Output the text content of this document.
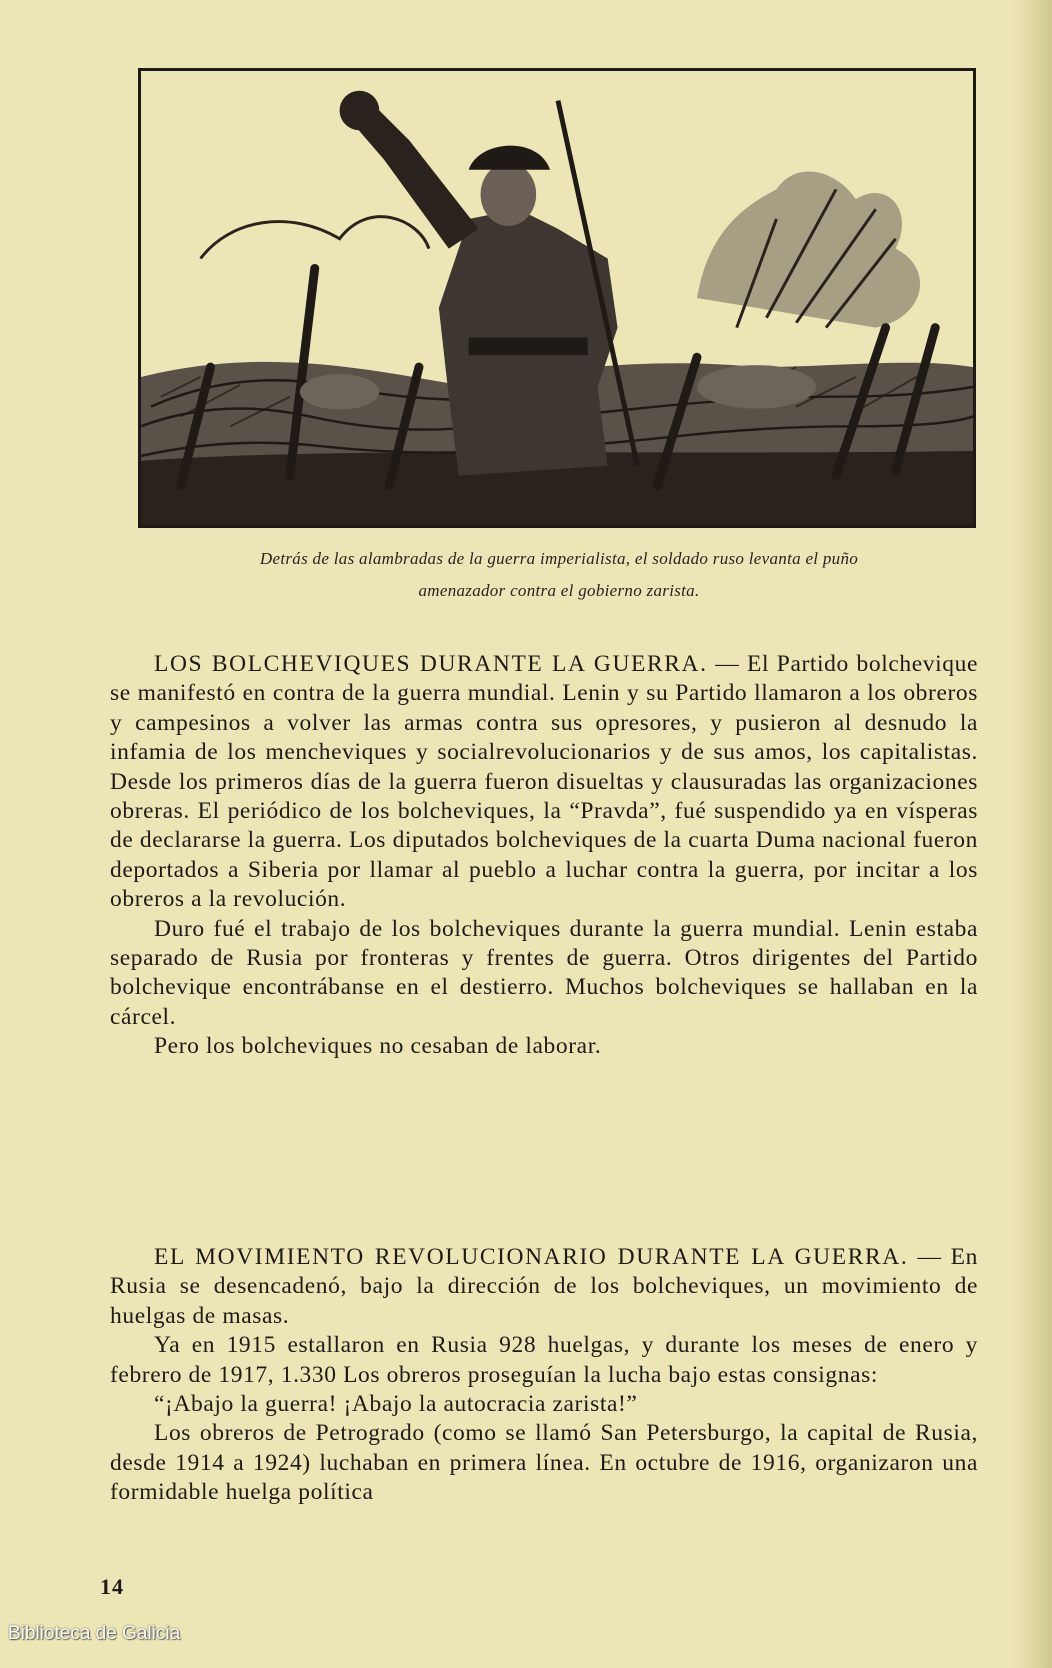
Detrás de las alambradas de la guerra imperialista, el soldado ruso levanta el puño
amenazador contra el gobierno zarista.

LOS BOLCHEVIQUES DURANTE LA GUERRA. — El Partido bolchevique se manifestó en contra de la guerra mundial. Lenin y su Partido llamaron a los obreros y campesinos a volver las armas contra sus opresores, y pusieron al desnudo la infamia de los mencheviques y socialrevolucionarios y de sus amos, los capitalistas. Desde los primeros días de la guerra fueron disueltas y clausuradas las organizaciones obreras. El periódico de los bolcheviques, la “Pravda”, fué suspendido ya en vísperas de declararse la guerra. Los diputados bolcheviques de la cuarta Duma nacional fueron deportados a Siberia por llamar al pueblo a luchar contra la guerra, por incitar a los obreros a la revolución.

Duro fué el trabajo de los bolcheviques durante la guerra mundial. Lenin estaba separado de Rusia por fronteras y frentes de guerra. Otros dirigentes del Partido bolchevique encontrábanse en el destierro. Muchos bolcheviques se hallaban en la cárcel.

Pero los bolcheviques no cesaban de laborar.

EL MOVIMIENTO REVOLUCIONARIO DURANTE LA GUERRA. — En Rusia se desencadenó, bajo la dirección de los bolcheviques, un movimiento de huelgas de masas.

Ya en 1915 estallaron en Rusia 928 huelgas, y durante los meses de enero y febrero de 1917, 1.330 Los obreros proseguían la lucha bajo estas consignas:

“¡Abajo la guerra! ¡Abajo la autocracia zarista!”

Los obreros de Petrogrado (como se llamó San Petersburgo, la capital de Rusia, desde 1914 a 1924) luchaban en primera línea. En octubre de 1916, organizaron una formidable huelga política

14
Biblioteca de Galicia
